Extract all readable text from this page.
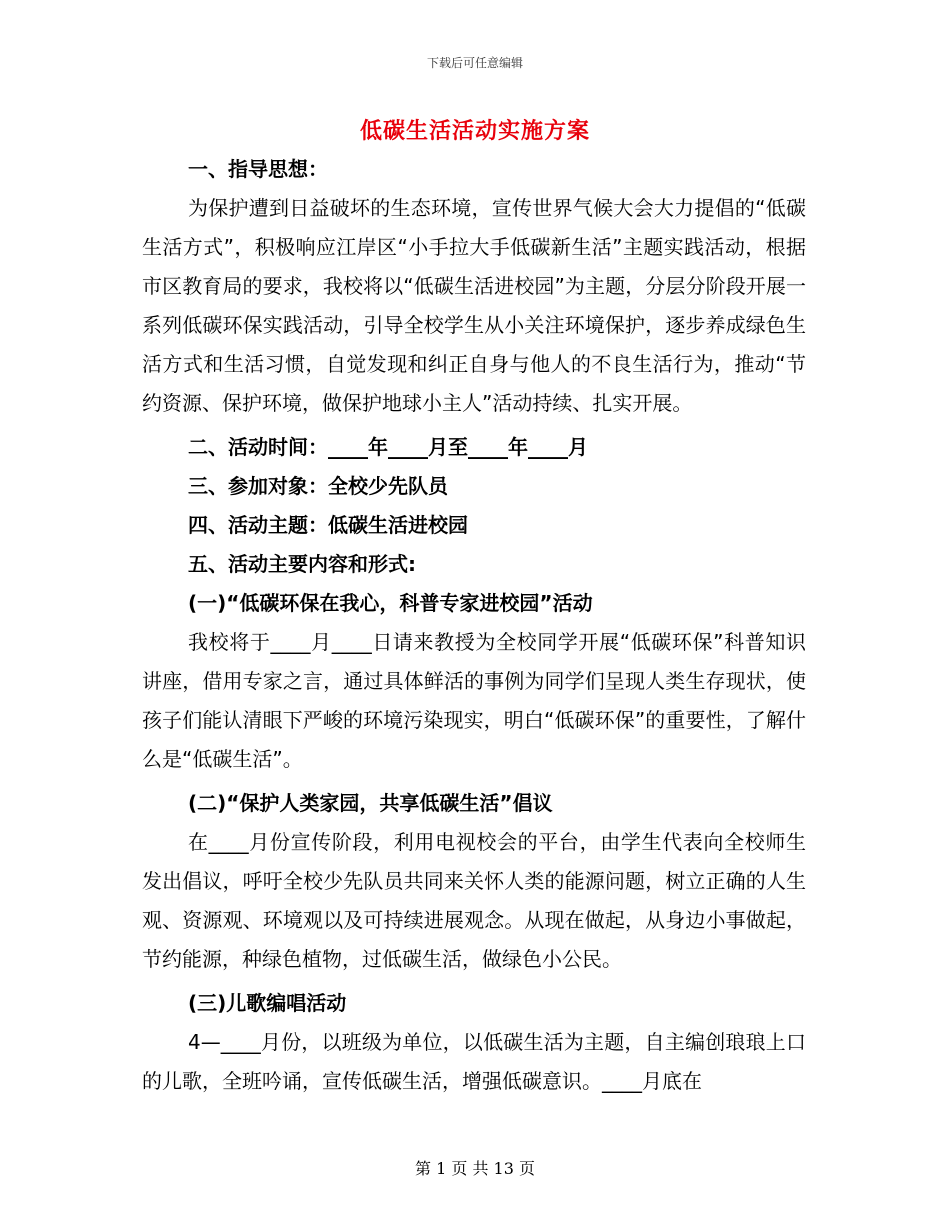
下载后可任意编辑
低碳生活活动实施方案

一、指导思想：

为保护遭到日益破坏的生态环境，宣传世界气候大会大力提倡的“低碳生活方式”，积极响应江岸区“小手拉大手低碳新生活”主题实践活动，根据市区教育局的要求，我校将以“低碳生活进校园”为主题，分层分阶段开展一系列低碳环保实践活动，引导全校学生从小关注环境保护，逐步养成绿色生活方式和生活习惯，自觉发现和纠正自身与他人的不良生活行为，推动“节约资源、保护环境，做保护地球小主人”活动持续、扎实开展。

二、活动时间：____年____月至____年____月

三、参加对象：全校少先队员

四、活动主题：低碳生活进校园

五、活动主要内容和形式:

(一)“低碳环保在我心，科普专家进校园”活动

我校将于____月____日请来教授为全校同学开展“低碳环保”科普知识讲座，借用专家之言，通过具体鲜活的事例为同学们呈现人类生存现状，使孩子们能认清眼下严峻的环境污染现实，明白“低碳环保”的重要性，了解什么是“低碳生活”。

(二)“保护人类家园，共享低碳生活”倡议

在____月份宣传阶段，利用电视校会的平台，由学生代表向全校师生发出倡议，呼吁全校少先队员共同来关怀人类的能源问题，树立正确的人生观、资源观、环境观以及可持续进展观念。从现在做起，从身边小事做起，节约能源，种绿色植物，过低碳生活，做绿色小公民。

(三)儿歌编唱活动

4—____月份，以班级为单位，以低碳生活为主题，自主编创琅琅上口的儿歌，全班吟诵，宣传低碳生活，增强低碳意识。____月底在

第 1 页 共 13 页
